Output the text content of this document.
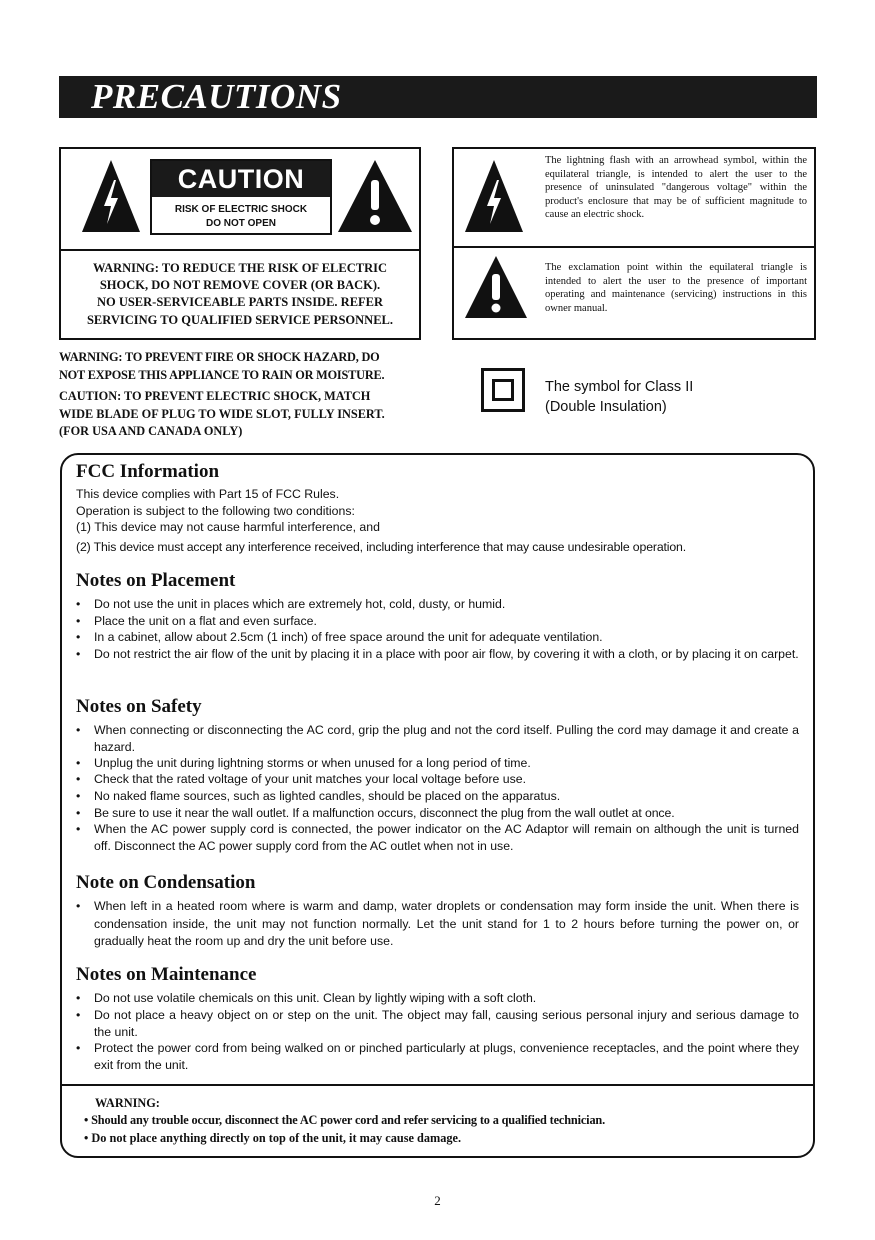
PRECAUTIONS
CAUTION
RISK OF ELECTRIC SHOCK
DO NOT OPEN
WARNING: TO REDUCE THE RISK OF ELECTRIC
SHOCK, DO NOT REMOVE COVER (OR BACK).
NO USER-SERVICEABLE PARTS INSIDE. REFER
SERVICING TO QUALIFIED SERVICE PERSONNEL.
The lightning flash with an arrowhead symbol, within the equilateral triangle, is intended to alert the user to the presence of uninsulated "dangerous voltage" within the product's enclosure that may be of sufficient magnitude to cause an electric shock.
The exclamation point within the equilateral triangle is intended to alert the user to the presence of important operating and maintenance (servicing) instructions in this owner manual.
WARNING: TO PREVENT FIRE OR SHOCK HAZARD, DO
NOT EXPOSE THIS APPLIANCE TO RAIN OR MOISTURE.
CAUTION: TO PREVENT ELECTRIC SHOCK, MATCH
WIDE BLADE OF PLUG TO WIDE SLOT, FULLY INSERT.
(FOR USA AND CANADA ONLY)
The symbol for Class II
(Double Insulation)
FCC Information
This device complies with Part 15 of FCC Rules.
Operation is subject to the following two conditions:
(1) This device may not cause harmful interference, and
(2) This device must accept any interference received, including interference that may cause undesirable operation.
Notes on Placement
• Do not use the unit in places which are extremely hot, cold, dusty, or humid.
• Place the unit on a flat and even surface.
• In a cabinet, allow about 2.5cm (1 inch) of free space around the unit for adequate ventilation.
• Do not restrict the air flow of the unit by placing it in a place with poor air flow, by covering it with a cloth, or by placing it on carpet.
Notes on Safety
• When connecting or disconnecting the AC cord, grip the plug and not the cord itself. Pulling the cord may damage it and create a hazard.
• Unplug the unit during lightning storms or when unused for a long period of time.
• Check that the rated voltage of your unit matches your local voltage before use.
• No naked flame sources, such as lighted candles, should be placed on the apparatus.
• Be sure to use it near the wall outlet. If a malfunction occurs, disconnect the plug from the wall outlet at once.
• When the AC power supply cord is connected, the power indicator on the AC Adaptor will remain on although the unit is turned off. Disconnect the AC power supply cord from the AC outlet when not in use.
Note on Condensation
• When left in a heated room where is warm and damp, water droplets or condensation may form inside the unit. When there is condensation inside, the unit may not function normally. Let the unit stand for 1 to 2 hours before turning the power on, or gradually heat the room up and dry the unit before use.
Notes on Maintenance
• Do not use volatile chemicals on this unit. Clean by lightly wiping with a soft cloth.
• Do not place a heavy object on or step on the unit. The object may fall, causing serious personal injury and serious damage to the unit.
• Protect the power cord from being walked on or pinched particularly at plugs, convenience receptacles, and the point where they exit from the unit.
WARNING:
• Should any trouble occur, disconnect the AC power cord and refer servicing to a qualified technician.
• Do not place anything directly on top of the unit, it may cause damage.
2
